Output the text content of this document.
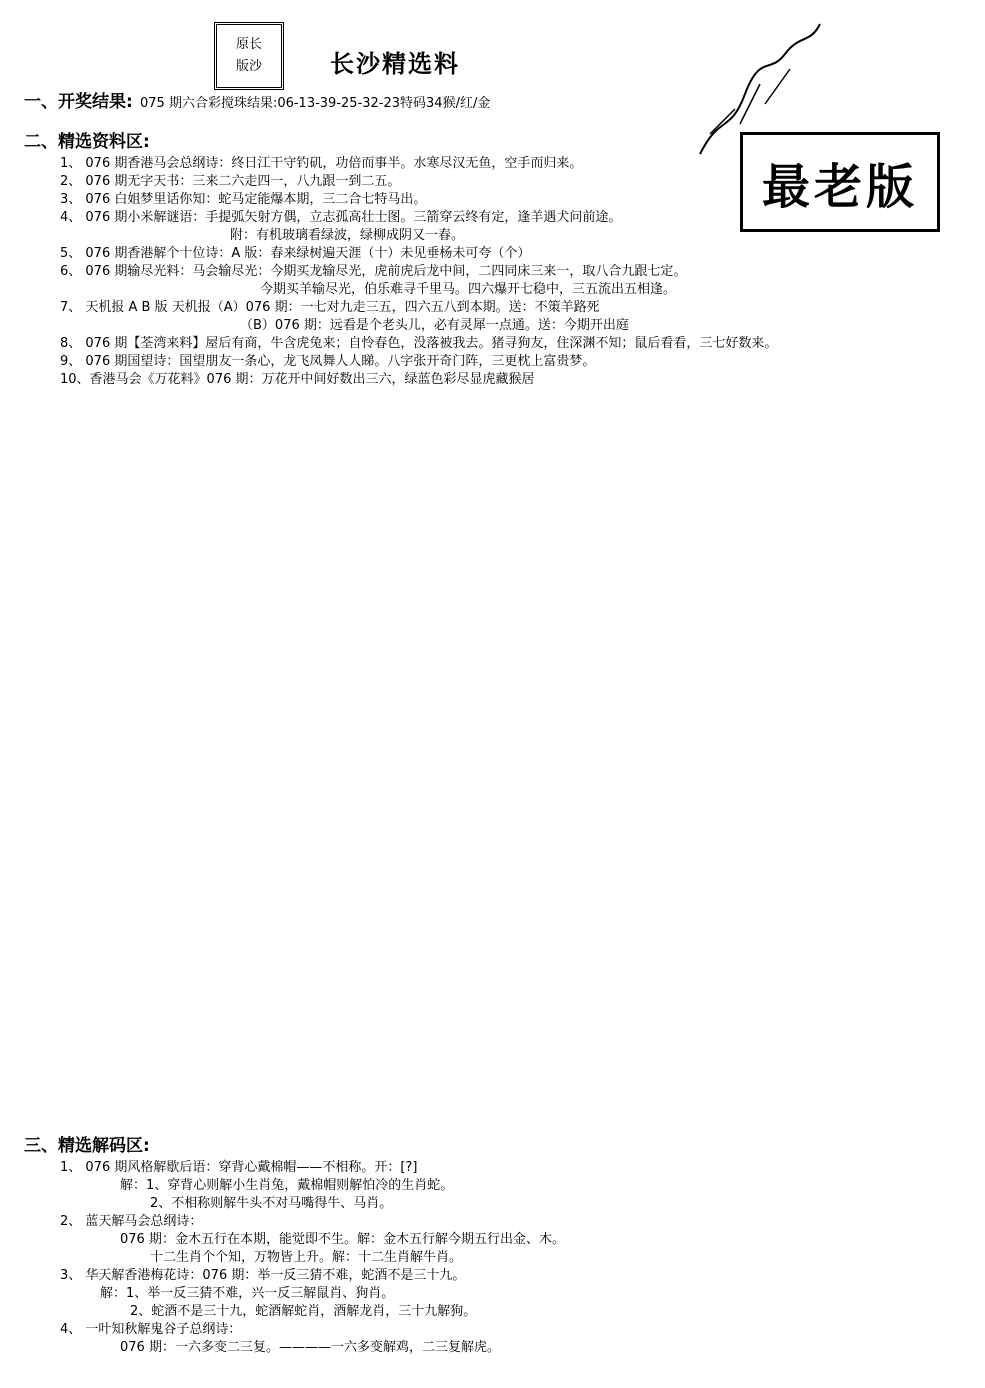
原长
版沙	长沙精选料
最老版
一、开奖结果: 075 期六合彩搅珠结果:06-13-39-25-32-23特码34猴/红/金
二、精选资料区:
1、 076 期香港马会总纲诗：终日江干守钓矶，功倍而事半。水寒尽汉无鱼，空手而归来。
2、 076 期无字天书：三来二六走四一，八九跟一到二五。
3、 076 白姐梦里话你知：蛇马定能爆本期，三二合七特马出。
4、 076 期小米解谜语：手提弧矢射方偶，立志孤高壮士图。三箭穿云终有定，逢羊遇犬问前途。
附：有机玻璃看绿波，绿柳成阴又一春。
5、 076 期香港解个十位诗：A 版：春来绿树遍天涯（十）未见垂杨未可夸（个）
6、 076 期输尽光料：马会输尽光：今期买龙输尽光，虎前虎后龙中间，二四同床三来一，取八合九跟七定。
今期买羊输尽光，伯乐难寻千里马。四六爆开七稳中，三五流出五相逢。
7、 天机报 A B 版 天机报（A）076 期：一七对九走三五，四六五八到本期。送：不策羊路死
（B）076 期：远看是个老头儿，必有灵犀一点通。送：今期开出庭
8、 076 期【荃湾来料】屋后有商，牛含虎兔来；自怜春色，没落被我去。猪寻狗友，住深渊不知；鼠后看看，三七好数来。
9、 076 期国望诗：国望朋友一条心，龙飞凤舞人人睇。八字张开奇门阵，三更枕上富贵梦。
10、香港马会《万花料》076 期：万花开中间好数出三六，绿蓝色彩尽显虎藏猴居
三、精选解码区:
1、 076 期风格解歇后语：穿背心戴棉帽——不相称。开：[?]
解：1、穿背心则解小生肖兔，戴棉帽则解怕冷的生肖蛇。
2、不相称则解牛头不对马嘴得牛、马肖。
2、 蓝天解马会总纲诗：
076 期：金木五行在本期，能觉即不生。解：金木五行解今期五行出金、木。
十二生肖个个知，万物皆上升。解：十二生肖解牛肖。
3、 华天解香港梅花诗：076 期：举一反三猜不难，蛇酒不是三十九。
解：1、举一反三猜不难，兴一反三解鼠肖、狗肖。
2、蛇酒不是三十九，蛇酒解蛇肖，酒解龙肖，三十九解狗。
4、 一叶知秋解鬼谷子总纲诗：
076 期：一六多变二三复。————一六多变解鸡，二三复解虎。
